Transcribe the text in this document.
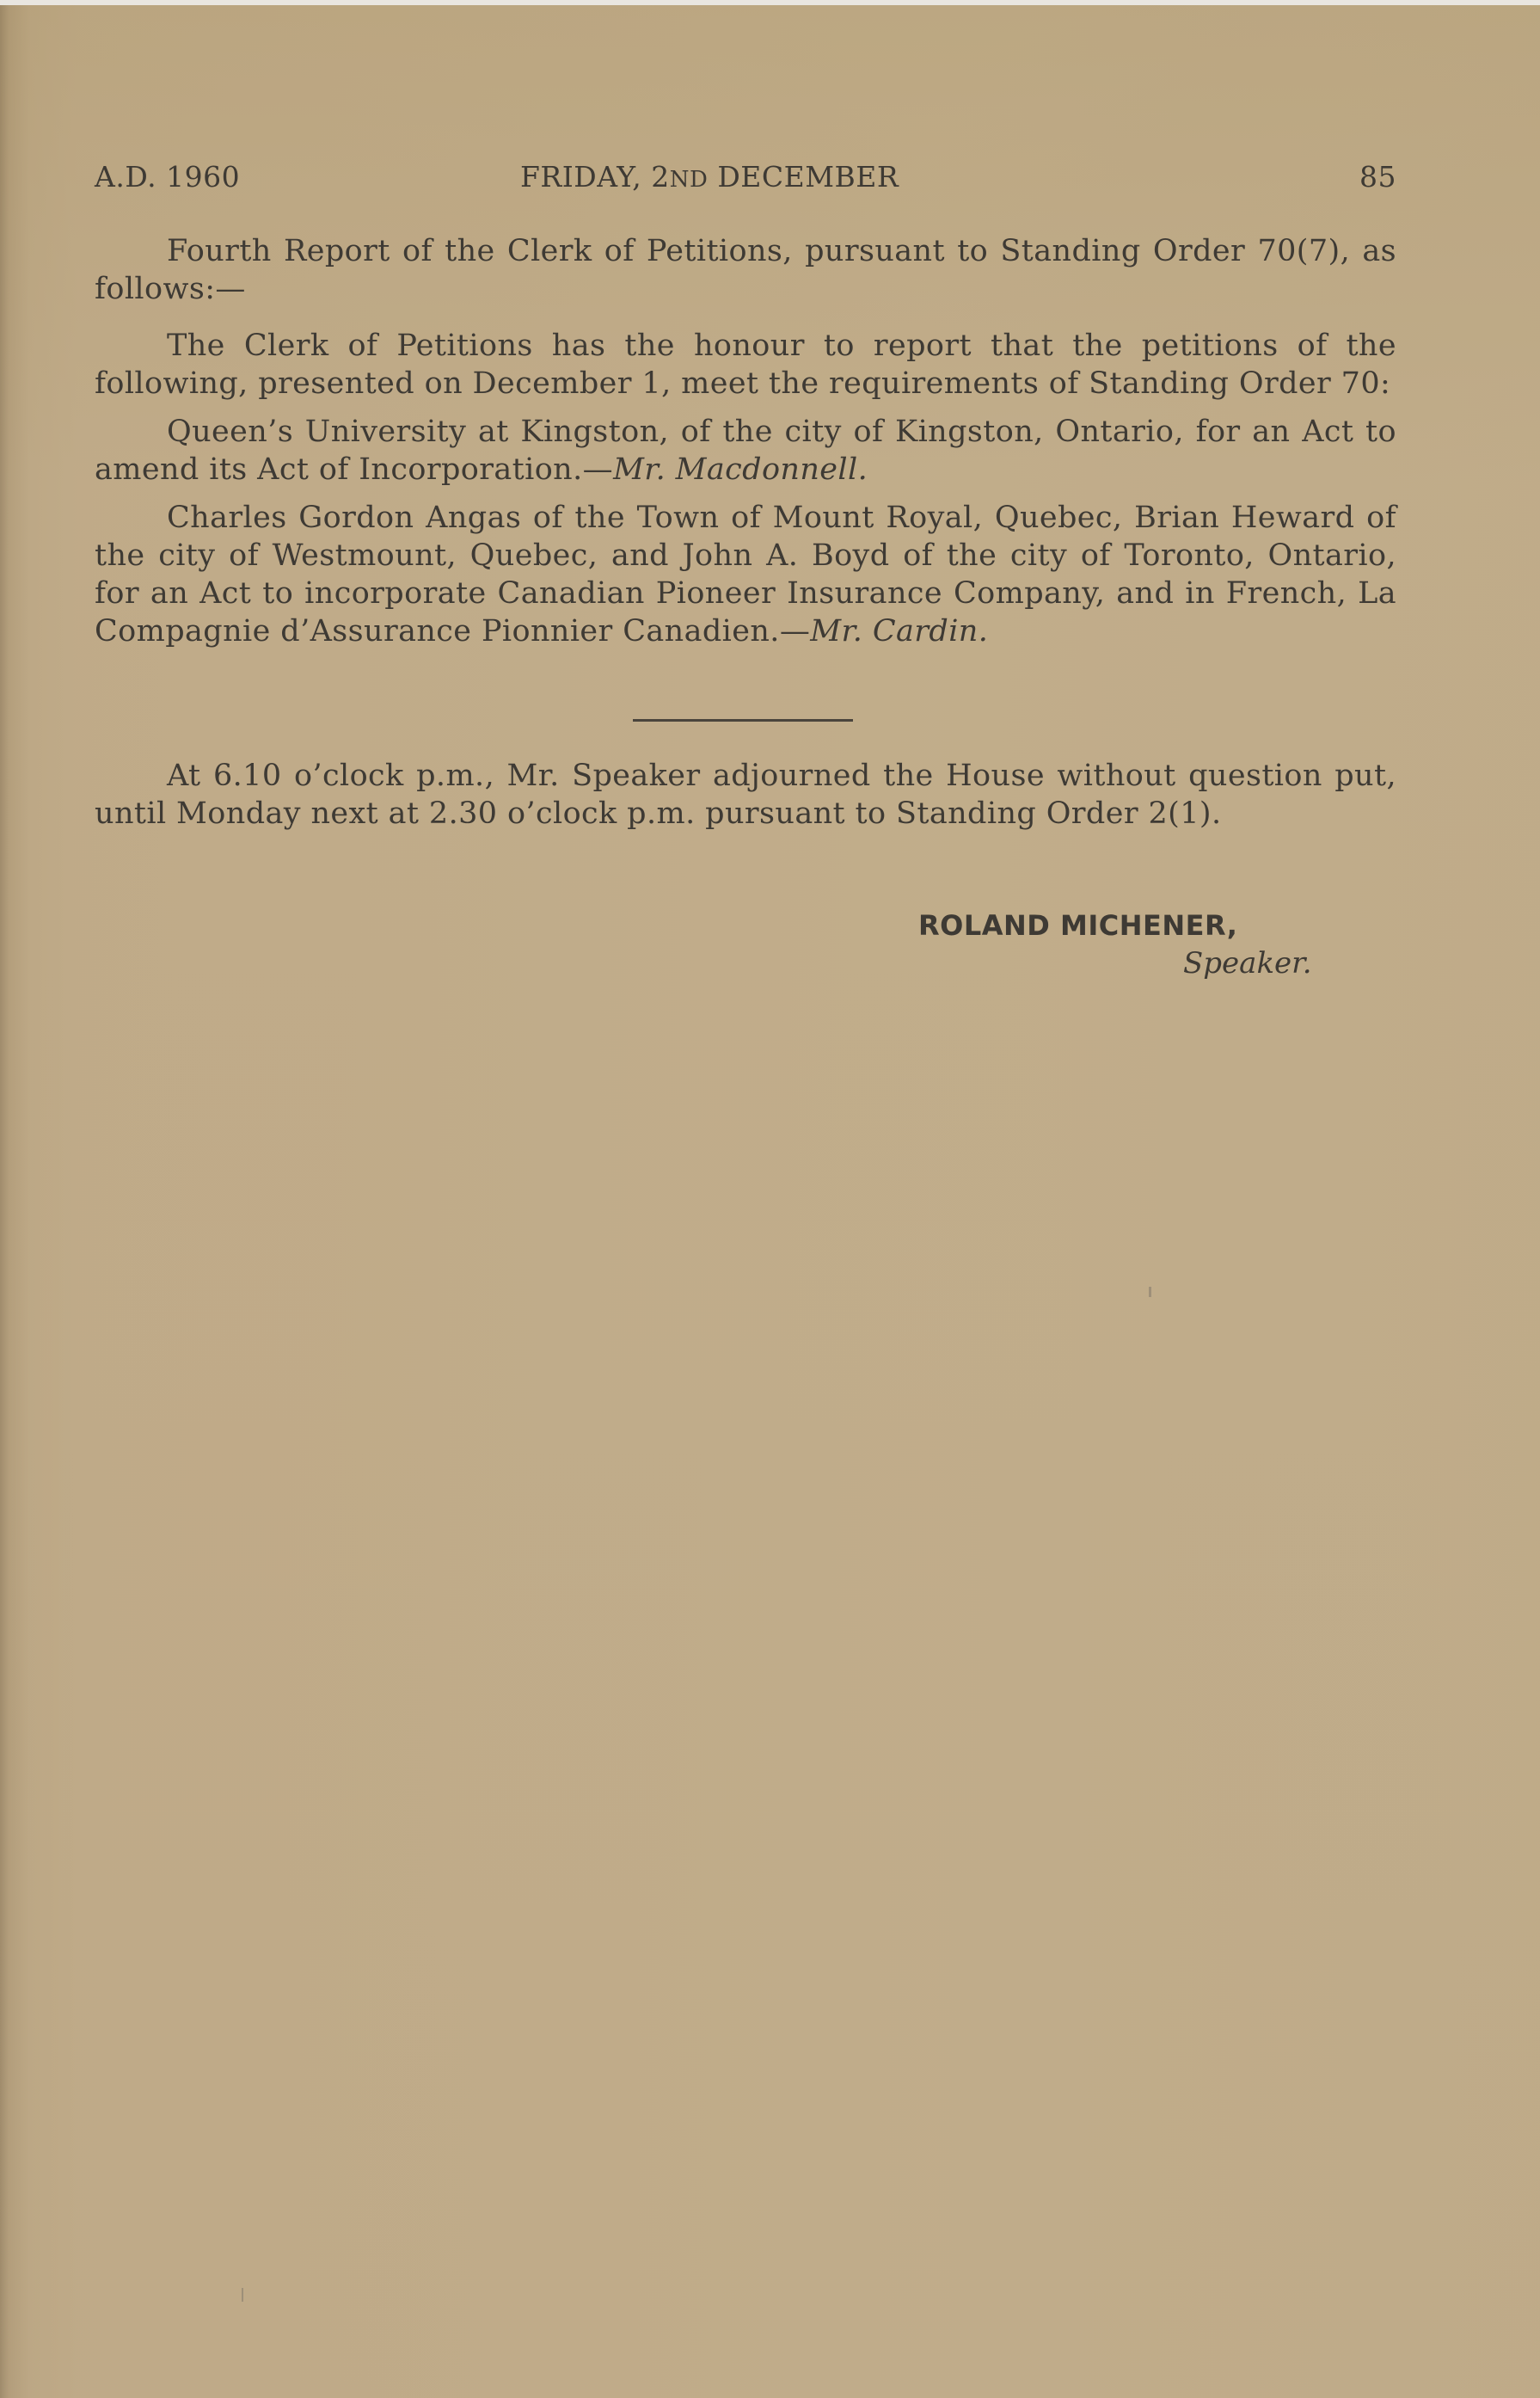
A.D. 1960	FRIDAY, 2ND DECEMBER	85

Fourth Report of the Clerk of Petitions, pursuant to Standing Order 70(7), as follows:—

The Clerk of Petitions has the honour to report that the petitions of the following, presented on December 1, meet the requirements of Standing Order 70:

Queen’s University at Kingston, of the city of Kingston, Ontario, for an Act to amend its Act of Incorporation.—Mr. Macdonnell.

Charles Gordon Angas of the Town of Mount Royal, Quebec, Brian Heward of the city of Westmount, Quebec, and John A. Boyd of the city of Toronto, Ontario, for an Act to incorporate Canadian Pioneer Insurance Company, and in French, La Compagnie d’Assurance Pionnier Canadien.—Mr. Cardin.

At 6.10 o’clock p.m., Mr. Speaker adjourned the House without question put, until Monday next at 2.30 o’clock p.m. pursuant to Standing Order 2(1).

ROLAND MICHENER,
Speaker.
